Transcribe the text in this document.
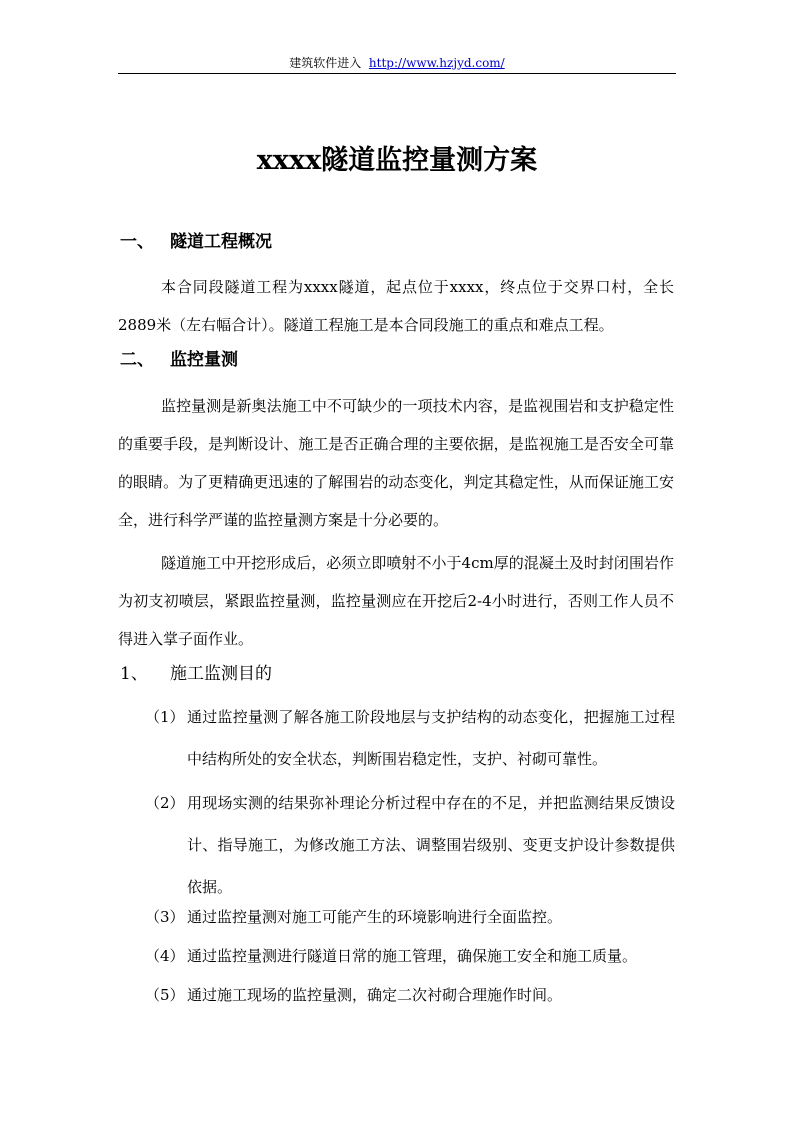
建筑软件进入 http://www.hzjyd.com/
xxxx隧道监控量测方案
一、 隧道工程概况

本合同段隧道工程为xxxx隧道，起点位于xxxx，终点位于交界口村，全长2889米（左右幅合计）。隧道工程施工是本合同段施工的重点和难点工程。

二、 监控量测

监控量测是新奥法施工中不可缺少的一项技术内容，是监视围岩和支护稳定性的重要手段，是判断设计、施工是否正确合理的主要依据，是监视施工是否安全可靠的眼睛。为了更精确更迅速的了解围岩的动态变化，判定其稳定性，从而保证施工安全，进行科学严谨的监控量测方案是十分必要的。

隧道施工中开挖形成后，必须立即喷射不小于4cm厚的混凝土及时封闭围岩作为初支初喷层，紧跟监控量测，监控量测应在开挖后2-4小时进行，否则工作人员不得进入掌子面作业。

1、 施工监测目的
（1） 通过监控量测了解各施工阶段地层与支护结构的动态变化，把握施工过程中结构所处的安全状态，判断围岩稳定性，支护、衬砌可靠性。
（2） 用现场实测的结果弥补理论分析过程中存在的不足，并把监测结果反馈设计、指导施工，为修改施工方法、调整围岩级别、变更支护设计参数提供依据。
（3） 通过监控量测对施工可能产生的环境影响进行全面监控。
（4） 通过监控量测进行隧道日常的施工管理，确保施工安全和施工质量。
（5） 通过施工现场的监控量测，确定二次衬砌合理施作时间。
